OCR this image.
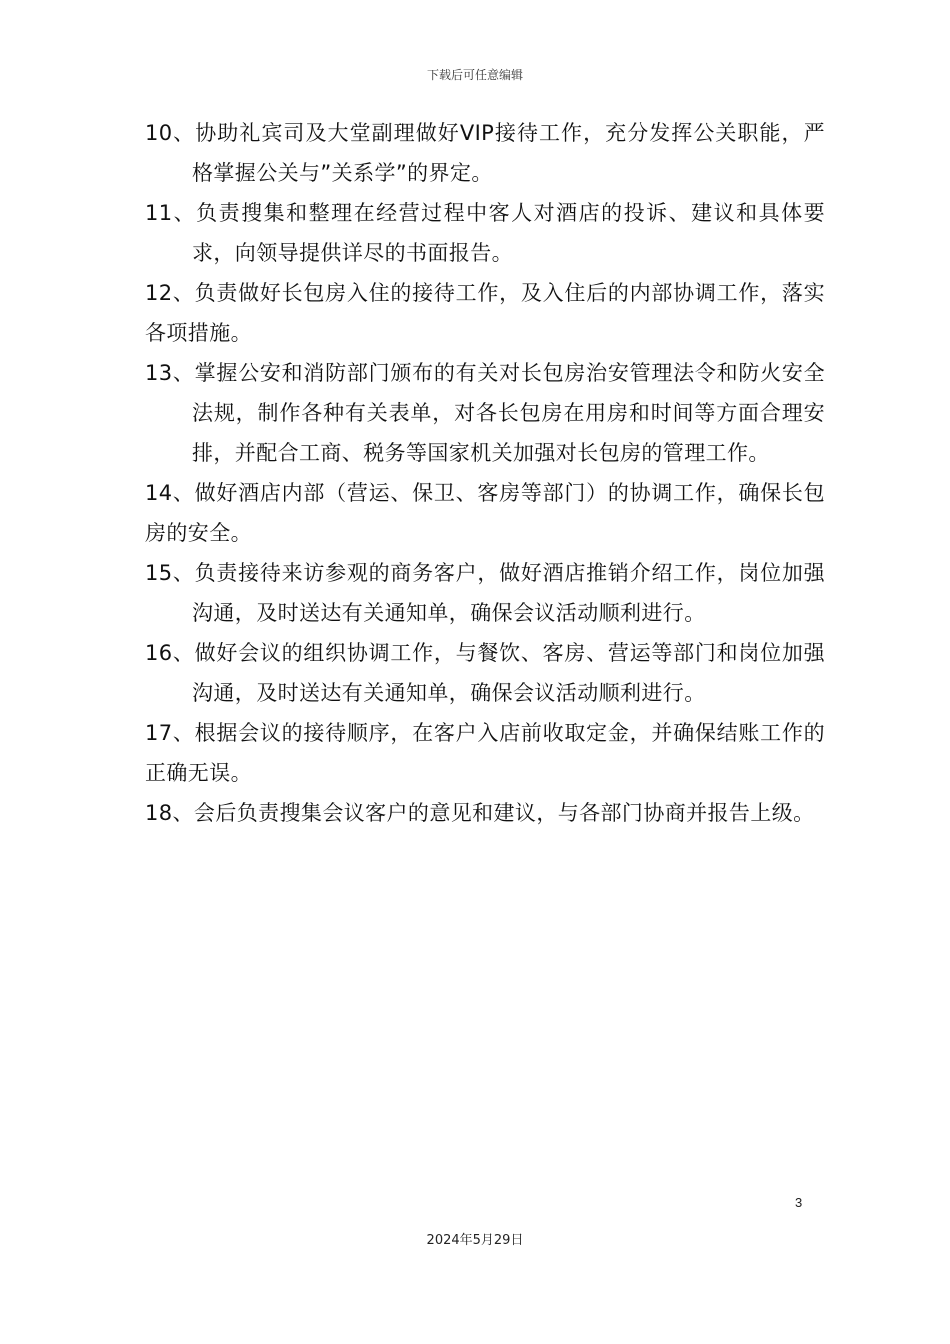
下载后可任意编辑

10、协助礼宾司及大堂副理做好VIP接待工作，充分发挥公关职能，严格掌握公关与”关系学”的界定。

11、负责搜集和整理在经营过程中客人对酒店的投诉、建议和具体要求，向领导提供详尽的书面报告。

12、负责做好长包房入住的接待工作，及入住后的内部协调工作，落实各项措施。

13、掌握公安和消防部门颁布的有关对长包房治安管理法令和防火安全法规，制作各种有关表单，对各长包房在用房和时间等方面合理安排，并配合工商、税务等国家机关加强对长包房的管理工作。

14、做好酒店内部（营运、保卫、客房等部门）的协调工作，确保长包房的安全。

15、负责接待来访参观的商务客户，做好酒店推销介绍工作，岗位加强沟通，及时送达有关通知单，确保会议活动顺利进行。

16、做好会议的组织协调工作，与餐饮、客房、营运等部门和岗位加强沟通，及时送达有关通知单，确保会议活动顺利进行。

17、根据会议的接待顺序，在客户入店前收取定金，并确保结账工作的正确无误。

18、会后负责搜集会议客户的意见和建议，与各部门协商并报告上级。

3
2024年5月29日
